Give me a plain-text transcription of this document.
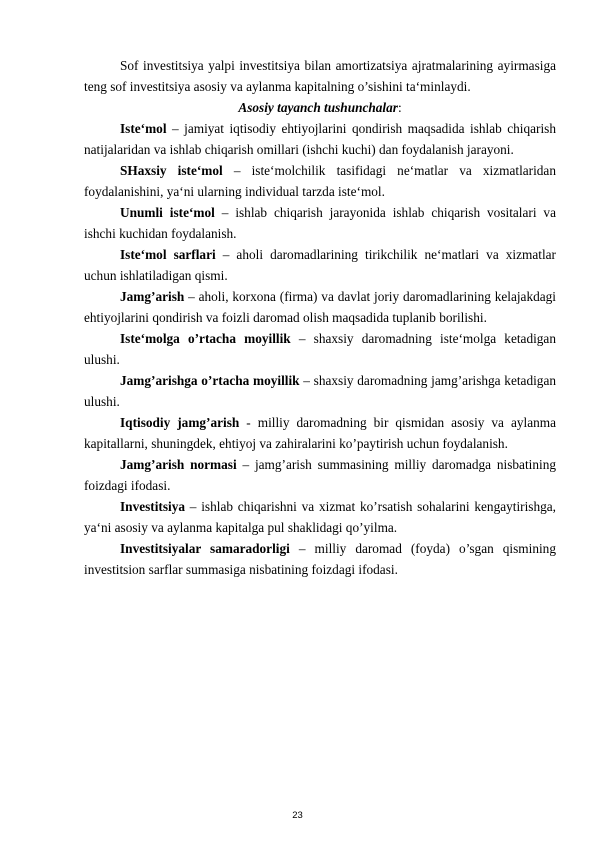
Sof investitsiya yalpi investitsiya bilan amortizatsiya ajratmalarining ayirmasiga teng sof investitsiya asosiy va aylanma kapitalning o’sishini ta‘minlaydi.

Asosiy tayanch tushunchalar:

Iste‘mol – jamiyat iqtisodiy ehtiyojlarini qondirish maqsadida ishlab chiqarish natijalaridan va ishlab chiqarish omillari (ishchi kuchi) dan foydalanish jarayoni.

SHaxsiy iste‘mol – iste‘molchilik tasifidagi ne‘matlar va xizmatlaridan foydalanishini, ya‘ni ularning individual tarzda iste‘mol.

Unumli iste‘mol – ishlab chiqarish jarayonida ishlab chiqarish vositalari va ishchi kuchidan foydalanish.

Iste‘mol sarflari – aholi daromadlarining tirikchilik ne‘matlari va xizmatlar uchun ishlatiladigan qismi.

Jamg’arish – aholi, korxona (firma) va davlat joriy daromadlarining kelajakdagi ehtiyojlarini qondirish va foizli daromad olish maqsadida tuplanib borilishi.

Iste‘molga o’rtacha moyillik – shaxsiy daromadning iste‘molga ketadigan ulushi.

Jamg’arishga o’rtacha moyillik – shaxsiy daromadning jamg’arishga ketadigan ulushi.

Iqtisodiy jamg’arish - milliy daromadning bir qismidan asosiy va aylanma kapitallarni, shuningdek, ehtiyoj va zahiralarini ko’paytirish uchun foydalanish.

Jamg’arish normasi – jamg’arish summasining milliy daromadga nisbatining foizdagi ifodasi.

Investitsiya – ishlab chiqarishni va xizmat ko’rsatish sohalarini kengaytirishga, ya‘ni asosiy va aylanma kapitalga pul shaklidagi qo’yilma.

Investitsiyalar samaradorligi – milliy daromad (foyda) o’sgan qismining investitsion sarflar summasiga nisbatining foizdagi ifodasi.

23
